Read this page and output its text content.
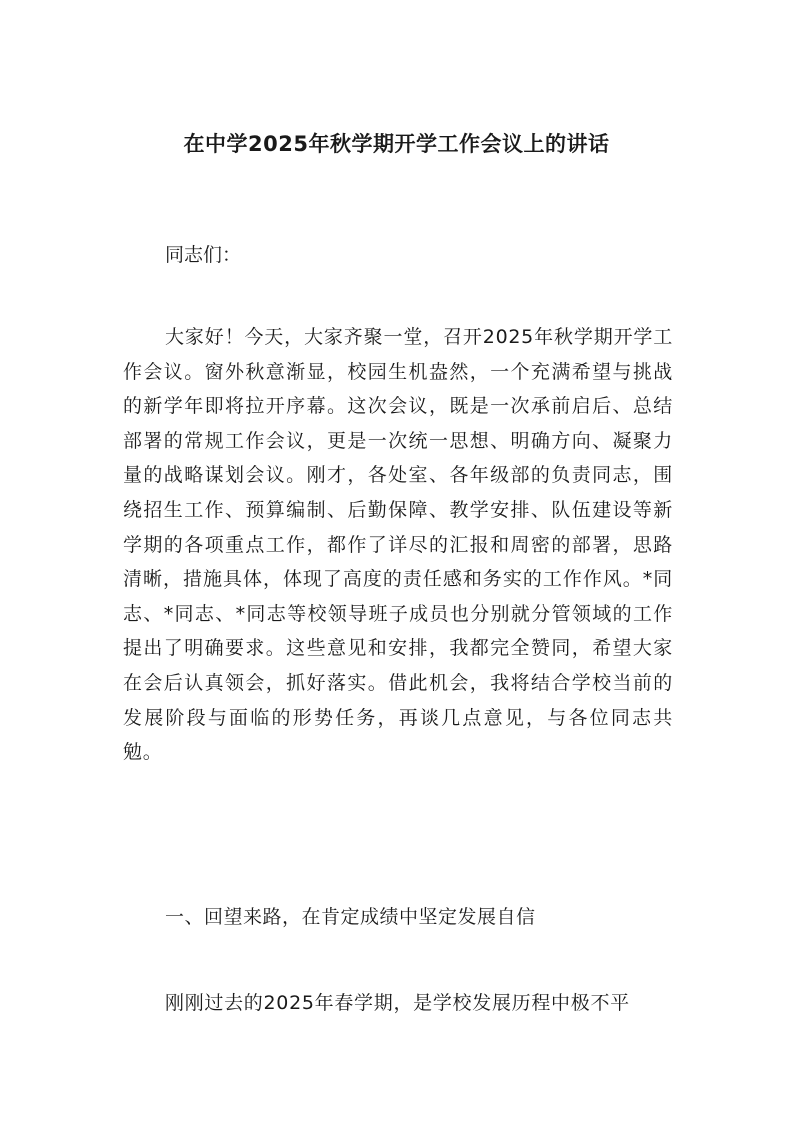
在中学2025年秋学期开学工作会议上的讲话
同志们：
大家好！今天，大家齐聚一堂，召开2025年秋学期开学工作会议。窗外秋意渐显，校园生机盎然，一个充满希望与挑战的新学年即将拉开序幕。这次会议，既是一次承前启后、总结部署的常规工作会议，更是一次统一思想、明确方向、凝聚力量的战略谋划会议。刚才，各处室、各年级部的负责同志，围绕招生工作、预算编制、后勤保障、教学安排、队伍建设等新学期的各项重点工作，都作了详尽的汇报和周密的部署，思路清晰，措施具体，体现了高度的责任感和务实的工作作风。*同志、*同志、*同志等校领导班子成员也分别就分管领域的工作提出了明确要求。这些意见和安排，我都完全赞同，希望大家在会后认真领会，抓好落实。借此机会，我将结合学校当前的发展阶段与面临的形势任务，再谈几点意见，与各位同志共勉。
一、回望来路，在肯定成绩中坚定发展自信
刚刚过去的2025年春学期，是学校发展历程中极不平
